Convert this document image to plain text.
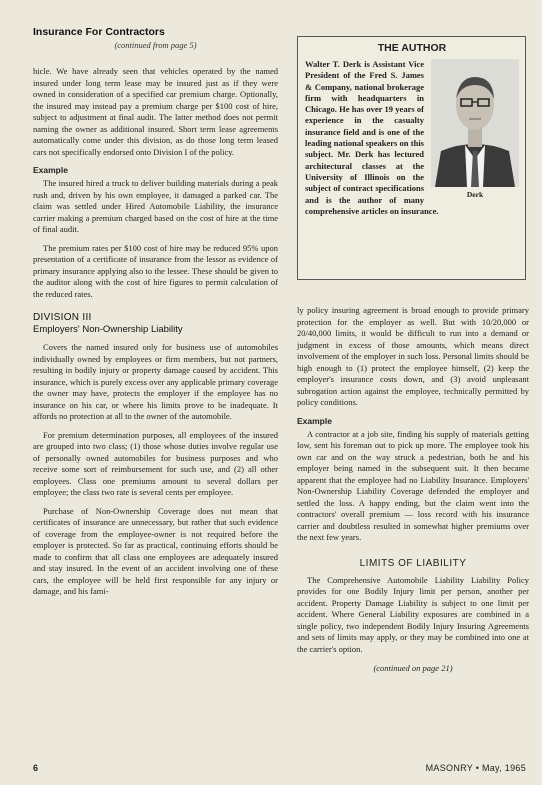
Insurance For Contractors
(continued from page 5)

hicle. We have already seen that vehicles operated by the named insured under long term lease may be insured just as if they were owned in consideration of a specified car premium charge. Optionally, the insured may instead pay a premium charge per $100 cost of hire, subject to adjustment at final audit. The latter method does not permit naming the owner as additional insured. Short term lease agreements automatically come under this division, as do those long term leased cars not specifically endorsed onto Division I of the policy.

Example

The insured hired a truck to deliver building materials during a peak rush and, driven by his own employee, it damaged a parked car. The claim was settled under Hired Automobile Liability, the insurance carrier making a premium charged based on the cost of hire at the time of final audit.

The premium rates per $100 cost of hire may be reduced 95% upon presentation of a certificate of insurance from the lessor as evidence of primary insurance applying also to the lessee. These should be given to the auditor along with the cost of hire figures to permit calculation of the reduced rates.

DIVISION III
Employers' Non-Ownership Liability

Covers the named insured only for business use of automobiles individually owned by employees or firm members, but not partners, resulting in bodily injury or property damage caused by accident. This insurance, which is purely excess over any applicable primary coverage the owner may have, protects the employer if the employee has no insurance on his car, or where his limits prove to be inadequate. It affords no protection at all to the owner of the automobile.

For premium determination purposes, all employees of the insured are grouped into two class; (1) those whose duties involve regular use of personally owned automobiles for business purposes and who receive some sort of reimbursement for such use, and (2) all other employees. Class one premiums amount to several dollars per employee; the class two rate is several cents per employee.

Purchase of Non-Ownership Coverage does not mean that certificates of insurance are unnecessary, but rather that such evidence of coverage from the employee-owner is not required before the employer is protected. So far as practical, continuing efforts should be made to confirm that all class one employees are adequately insured and stay insured. In the event of an accident involving one of these cars, the employee will be held first responsible for any injury or damage, and his fami-

THE AUTHOR
Derk

Walter T. Derk is Assistant Vice President of the Fred S. James & Company, national brokerage firm with headquarters in Chicago. He has over 19 years of experience in the casualty insurance field and is one of the leading national speakers on this subject. Mr. Derk has lectured architectural classes at the University of Illinois on the subject of contract specifications and is the author of many comprehensive articles on insurance.

ly policy insuring agreement is broad enough to provide primary protection for the employer as well. But with 10/20,000 or 20/40,000 limits, it would be difficult to run into a demand or judgment in excess of those amounts, which means direct involvement of the employer in such loss. Personal limits should be high enough to (1) protect the employee himself, (2) keep the employer's insurance costs down, and (3) avoid unpleasant subrogation action against the employee, technically permitted by policy conditions.

Example

A contractor at a job site, finding his supply of materials getting low, sent his foreman out to pick up more. The employee took his own car and on the way struck a pedestrian, both he and his employer being named in the subsequent suit. It then became apparent that the employee had no Liability Insurance. Employers' Non-Ownership Liability Coverage defended the employer and settled the loss. A happy ending, but the claim went into the contractors' overall premium — loss record with his insurance carrier and doubtless resulted in somewhat higher premiums over the next few years.

LIMITS OF LIABILITY

The Comprehensive Automobile Liability Liability Policy provides for one Bodily Injury limit per person, another per accident. Property Damage Liability is subject to one limit per accident. Where General Liability exposures are combined in a single policy, two independent Bodily Injury Insuring Agreements and sets of limits may apply, or they may be combined into one at the carrier's option.

(continued on page 21)
6	MASONRY • May, 1965
